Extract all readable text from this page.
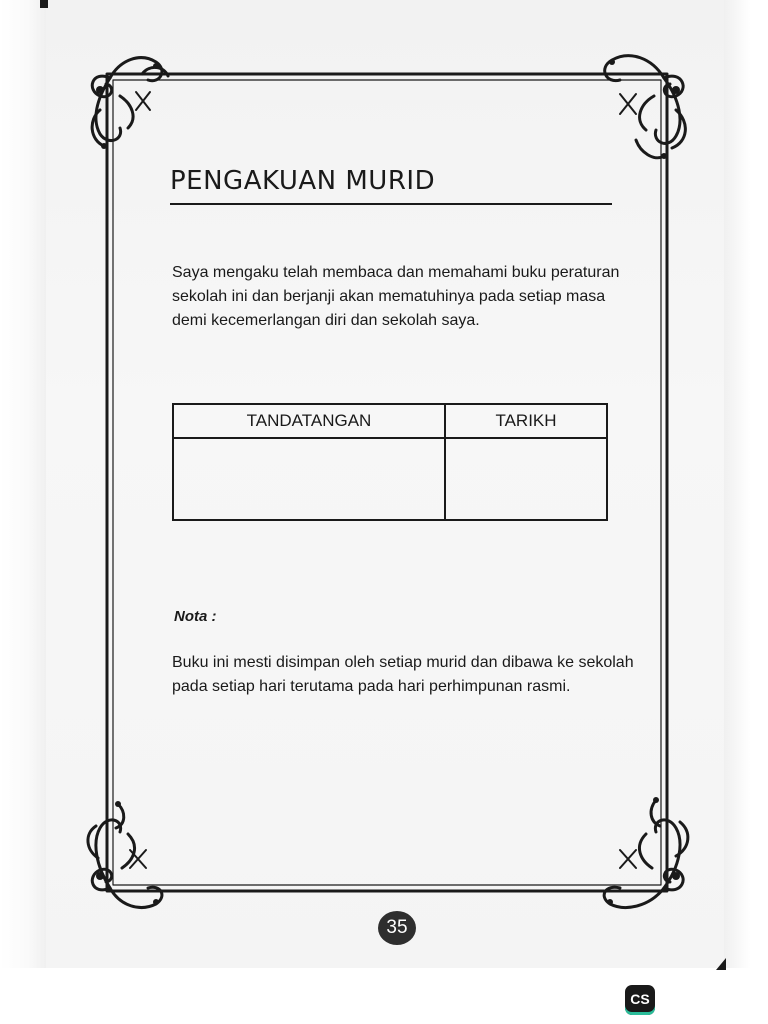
PENGAKUAN MURID

Saya mengaku telah membaca dan memahami buku peraturan sekolah ini dan berjanji akan mematuhinya pada setiap masa demi kecemerlangan diri dan sekolah saya.

TANDATANGAN	TARIKH

Nota :

Buku ini mesti disimpan oleh setiap murid dan dibawa ke sekolah pada setiap hari terutama pada hari perhimpunan rasmi.

35
CS
